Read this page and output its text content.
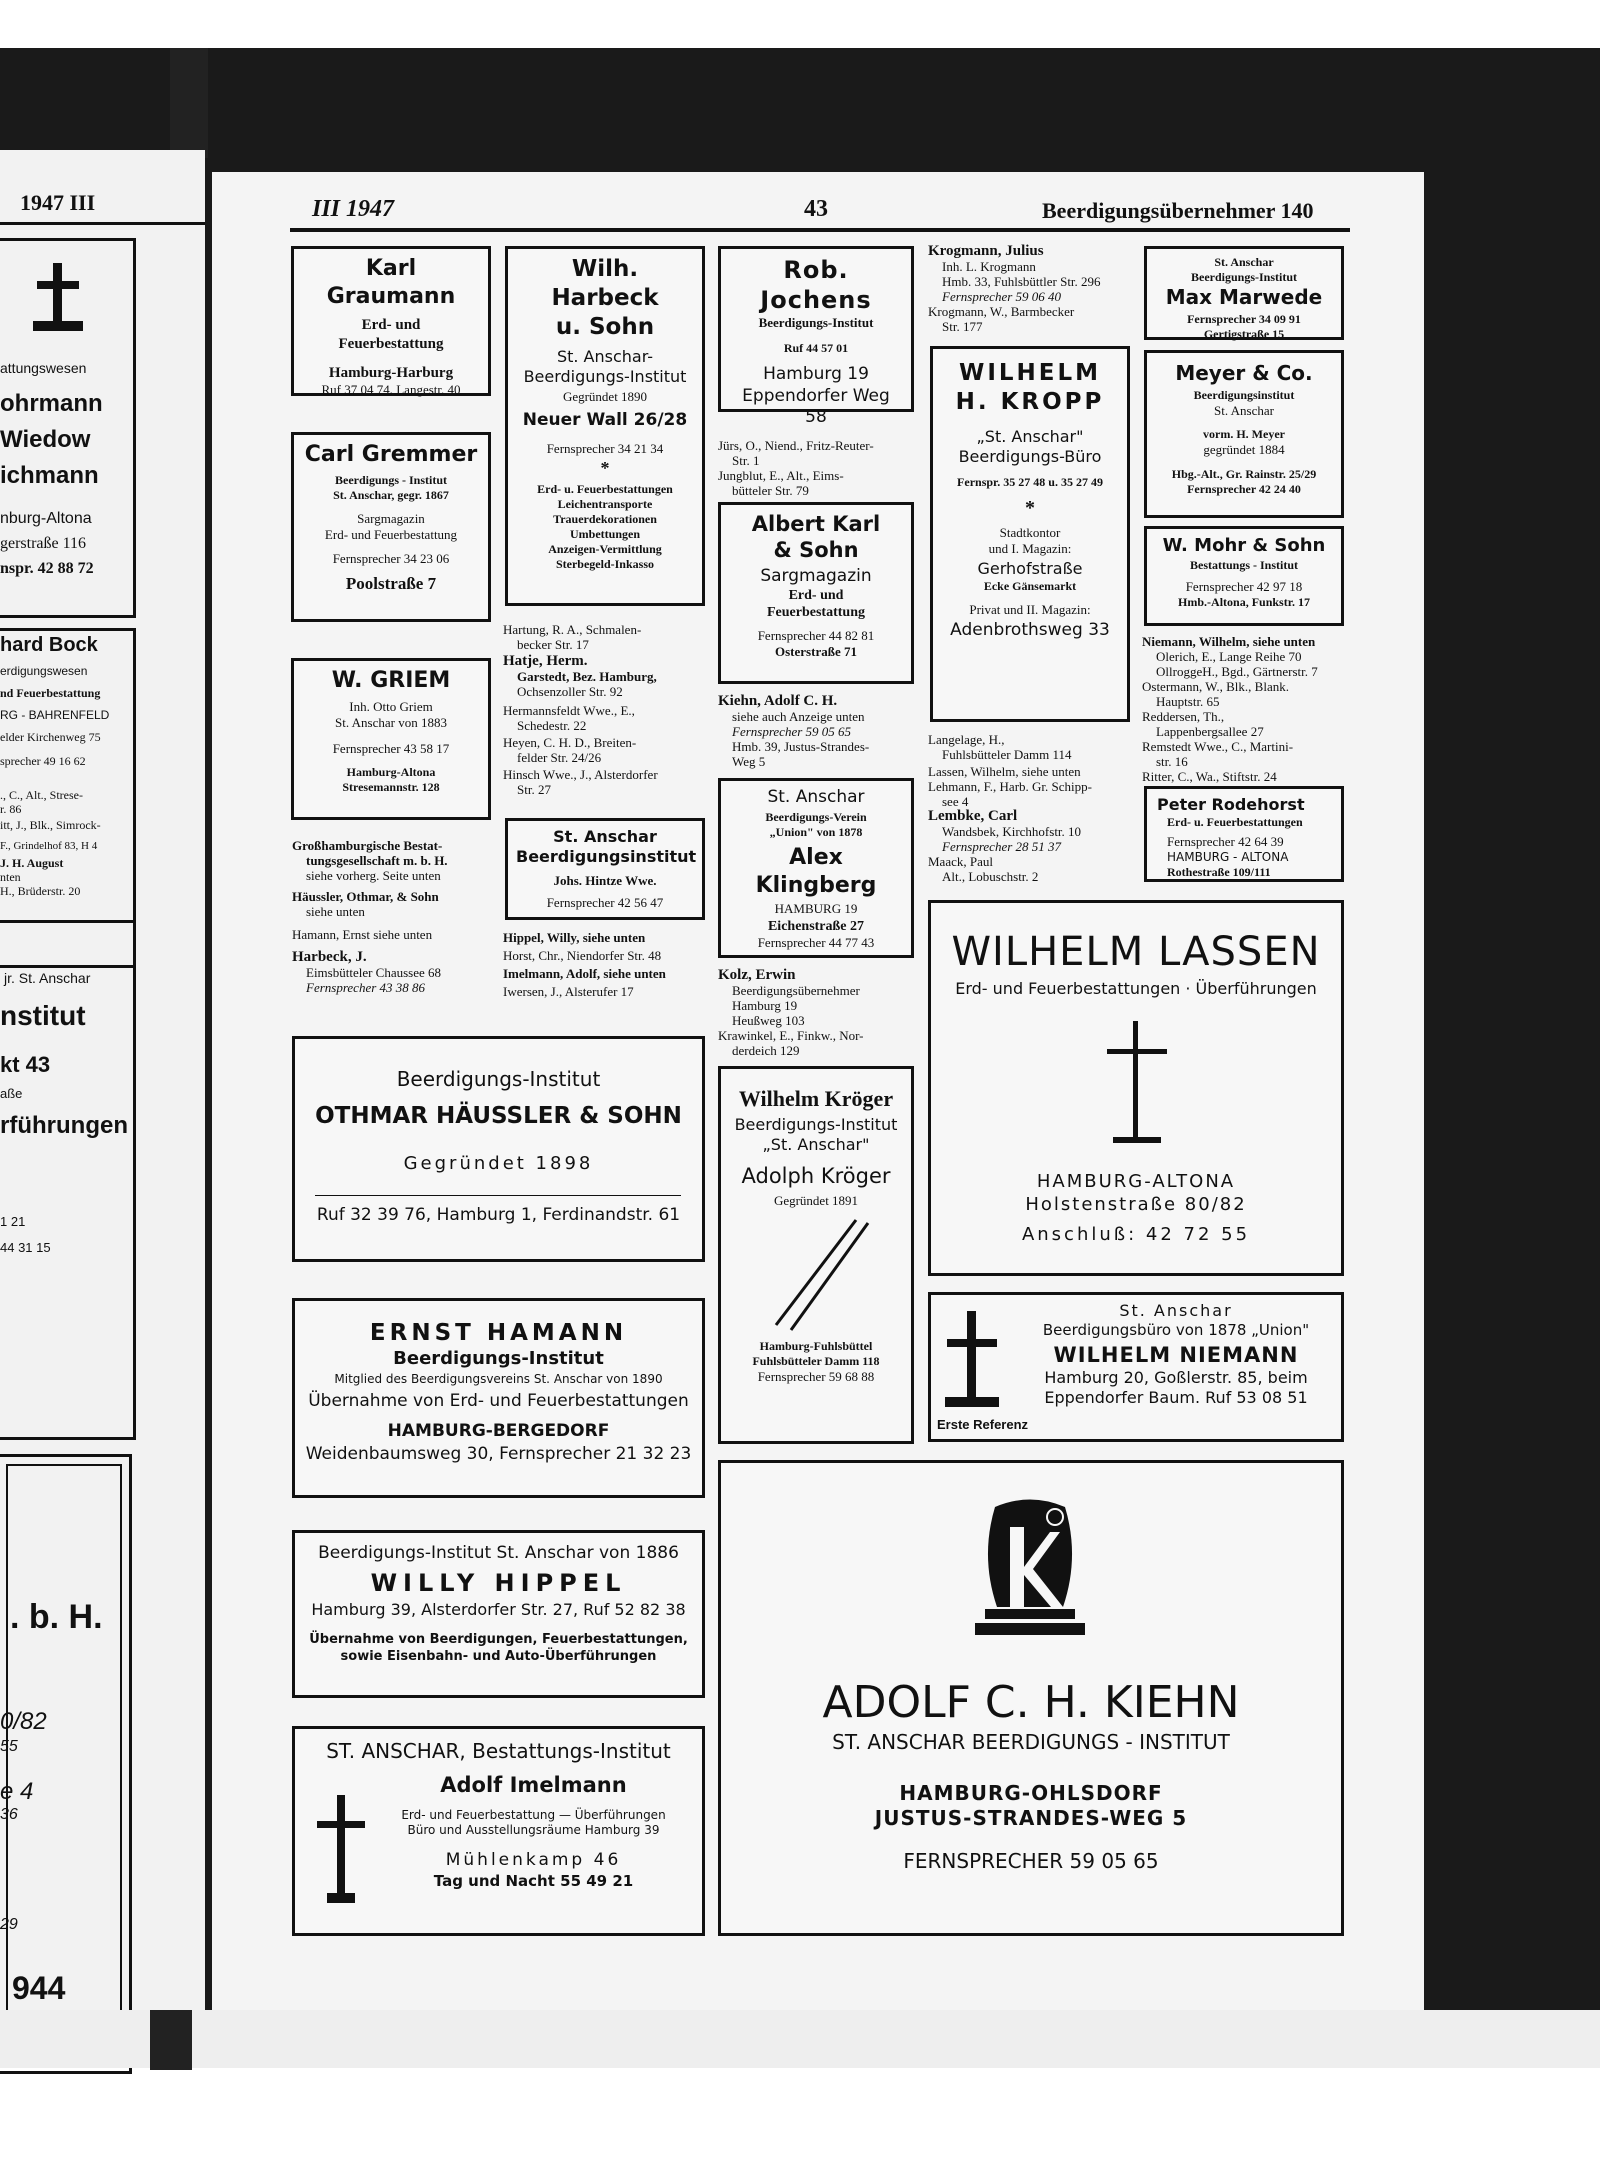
1947 III
attungswesen
ohrmann
Wiedow
ichmann
nburg-Altona
gerstraße 116
nspr. 42 88 72
hard Bock
erdigungswesen
nd Feuerbestattung
RG - BAHRENFELD
elder Kirchenweg 75
sprecher 49 16 62
., C., Alt., Strese-
r. 86
itt, J., Blk., Simrock-
F., Grindelhof 83, H 4
J. H. August
nten
H., Brüderstr. 20
jr. St. Anschar
nstitut
kt 43
aße
rführungen
1 21
44 31 15
. b. H.
0/82
55
e 4
36
29
944
III 1947	43	Beerdigungsübernehmer 140
Karl Graumann
Erd- und
Feuerbestattung
Hamburg-Harburg
Ruf 37 04 74, Langestr. 40
Carl Gremmer
Beerdigungs - Institut
St. Anschar, gegr. 1867
Sargmagazin
Erd- und Feuerbestattung
Fernsprecher 34 23 06
Poolstraße 7
W. GRIEM
Inh. Otto Griem
St. Anschar von 1883
Fernsprecher 43 58 17
Hamburg-Altona
Stresemannstr. 128
Großhamburgische Bestat-
tungsgesellschaft m. b. H.
siehe vorherg. Seite unten
Häussler, Othmar, & Sohn
siehe unten
Hamann, Ernst siehe unten
Harbeck, J.
Eimsbütteler Chaussee 68
Fernsprecher 43 38 86
Wilh. Harbeck
u. Sohn
St. Anschar-
Beerdigungs-Institut
Gegründet 1890
Neuer Wall 26/28
Fernsprecher 34 21 34
*
Erd- u. Feuerbestattungen
Leichentransporte
Trauerdekorationen
Umbettungen
Anzeigen-Vermittlung
Sterbegeld-Inkasso
Hartung, R. A., Schmalen-
becker Str. 17
Hatje, Herm.
Garstedt, Bez. Hamburg,
Ochsenzoller Str. 92
Hermannsfeldt Wwe., E.,
Schedestr. 22
Heyen, C. H. D., Breiten-
felder Str. 24/26
Hinsch Wwe., J., Alsterdorfer
Str. 27
St. Anschar
Beerdigungsinstitut
Johs. Hintze Wwe.
Fernsprecher 42 56 47
Hippel, Willy, siehe unten
Horst, Chr., Niendorfer Str. 48
Imelmann, Adolf, siehe unten
Iwersen, J., Alsterufer 17
Beerdigungs-Institut
OTHMAR HÄUSSLER & SOHN
Gegründet 1898
Ruf 32 39 76, Hamburg 1, Ferdinandstr. 61
ERNST HAMANN
Beerdigungs-Institut
Mitglied des Beerdigungsvereins St. Anschar von 1890
Übernahme von Erd- und Feuerbestattungen
HAMBURG-BERGEDORF
Weidenbaumsweg 30, Fernsprecher 21 32 23
Beerdigungs-Institut St. Anschar von 1886
WILLY HIPPEL
Hamburg 39, Alsterdorfer Str. 27, Ruf 52 82 38
Übernahme von Beerdigungen, Feuerbestattungen,
sowie Eisenbahn- und Auto-Überführungen
ST. ANSCHAR, Bestattungs-Institut
Adolf Imelmann
Erd- und Feuerbestattung — Überführungen
Büro und Ausstellungsräume Hamburg 39
Mühlenkamp 46
Tag und Nacht 55 49 21
Rob. Jochens
Beerdigungs-Institut
Ruf 44 57 01
Hamburg 19
Eppendorfer Weg 58
Jürs, O., Niend., Fritz-Reuter-
Str. 1
Jungblut, E., Alt., Eims-
bütteler Str. 79
Albert Karl
& Sohn
Sargmagazin
Erd- und
Feuerbestattung
Fernsprecher 44 82 81
Osterstraße 71
Kiehn, Adolf C. H.
siehe auch Anzeige unten
Fernsprecher 59 05 65
Hmb. 39, Justus-Strandes-
Weg 5
St. Anschar
Beerdigungs-Verein
„Union" von 1878
Alex Klingberg
HAMBURG 19
Eichenstraße 27
Fernsprecher 44 77 43
Kolz, Erwin
Beerdigungsübernehmer
Hamburg 19
Heußweg 103
Krawinkel, E., Finkw., Nor-
derdeich 129
Wilhelm Kröger
Beerdigungs-Institut
„St. Anschar"
Adolph Kröger
Gegründet 1891
Hamburg-Fuhlsbüttel
Fuhlsbütteler Damm 118
Fernsprecher 59 68 88
Krogmann, Julius
Inh. L. Krogmann
Hmb. 33, Fuhlsbüttler Str. 296
Fernsprecher 59 06 40
Krogmann, W., Barmbecker
Str. 177
WILHELM
H. KROPP
„St. Anschar"
Beerdigungs-Büro
Fernspr. 35 27 48 u. 35 27 49
*
Stadtkontor
und I. Magazin:
Gerhofstraße
Ecke Gänsemarkt
Privat und II. Magazin:
Adenbrothsweg 33
Langelage, H.,
Fuhlsbütteler Damm 114
Lassen, Wilhelm, siehe unten
Lehmann, F., Harb. Gr. Schipp-
see 4
Lembke, Carl
Wandsbek, Kirchhofstr. 10
Fernsprecher 28 51 37
Maack, Paul
Alt., Lobuschstr. 2
St. Anschar
Beerdigungs-Institut
Max Marwede
Fernsprecher 34 09 91
Gertigstraße 15
Meyer & Co.
Beerdigungsinstitut
St. Anschar
vorm. H. Meyer
gegründet 1884
Hbg.-Alt., Gr. Rainstr. 25/29
Fernsprecher 42 24 40
W. Mohr & Sohn
Bestattungs - Institut
Fernsprecher 42 97 18
Hmb.-Altona, Funkstr. 17
Niemann, Wilhelm, siehe unten
Olerich, E., Lange Reihe 70
OllroggeH., Bgd., Gärtnerstr. 7
Ostermann, W., Blk., Blank.
Hauptstr. 65
Reddersen, Th.,
Lappenbergsallee 27
Remstedt Wwe., C., Martini-
str. 16
Ritter, C., Wa., Stiftstr. 24
Peter Rodehorst
Erd- u. Feuerbestattungen
Fernsprecher 42 64 39
HAMBURG - ALTONA
Rothestraße 109/111
WILHELM LASSEN
Erd- und Feuerbestattungen · Überführungen
HAMBURG-ALTONA
Holstenstraße 80/82
Anschluß: 42 72 55
Erste Referenz
St. Anschar
Beerdigungsbüro von 1878 „Union"
WILHELM NIEMANN
Hamburg 20, Goßlerstr. 85, beim
Eppendorfer Baum. Ruf 53 08 51
ADOLF C. H. KIEHN
ST. ANSCHAR BEERDIGUNGS - INSTITUT
HAMBURG-OHLSDORF
JUSTUS-STRANDES-WEG 5
FERNSPRECHER 59 05 65
